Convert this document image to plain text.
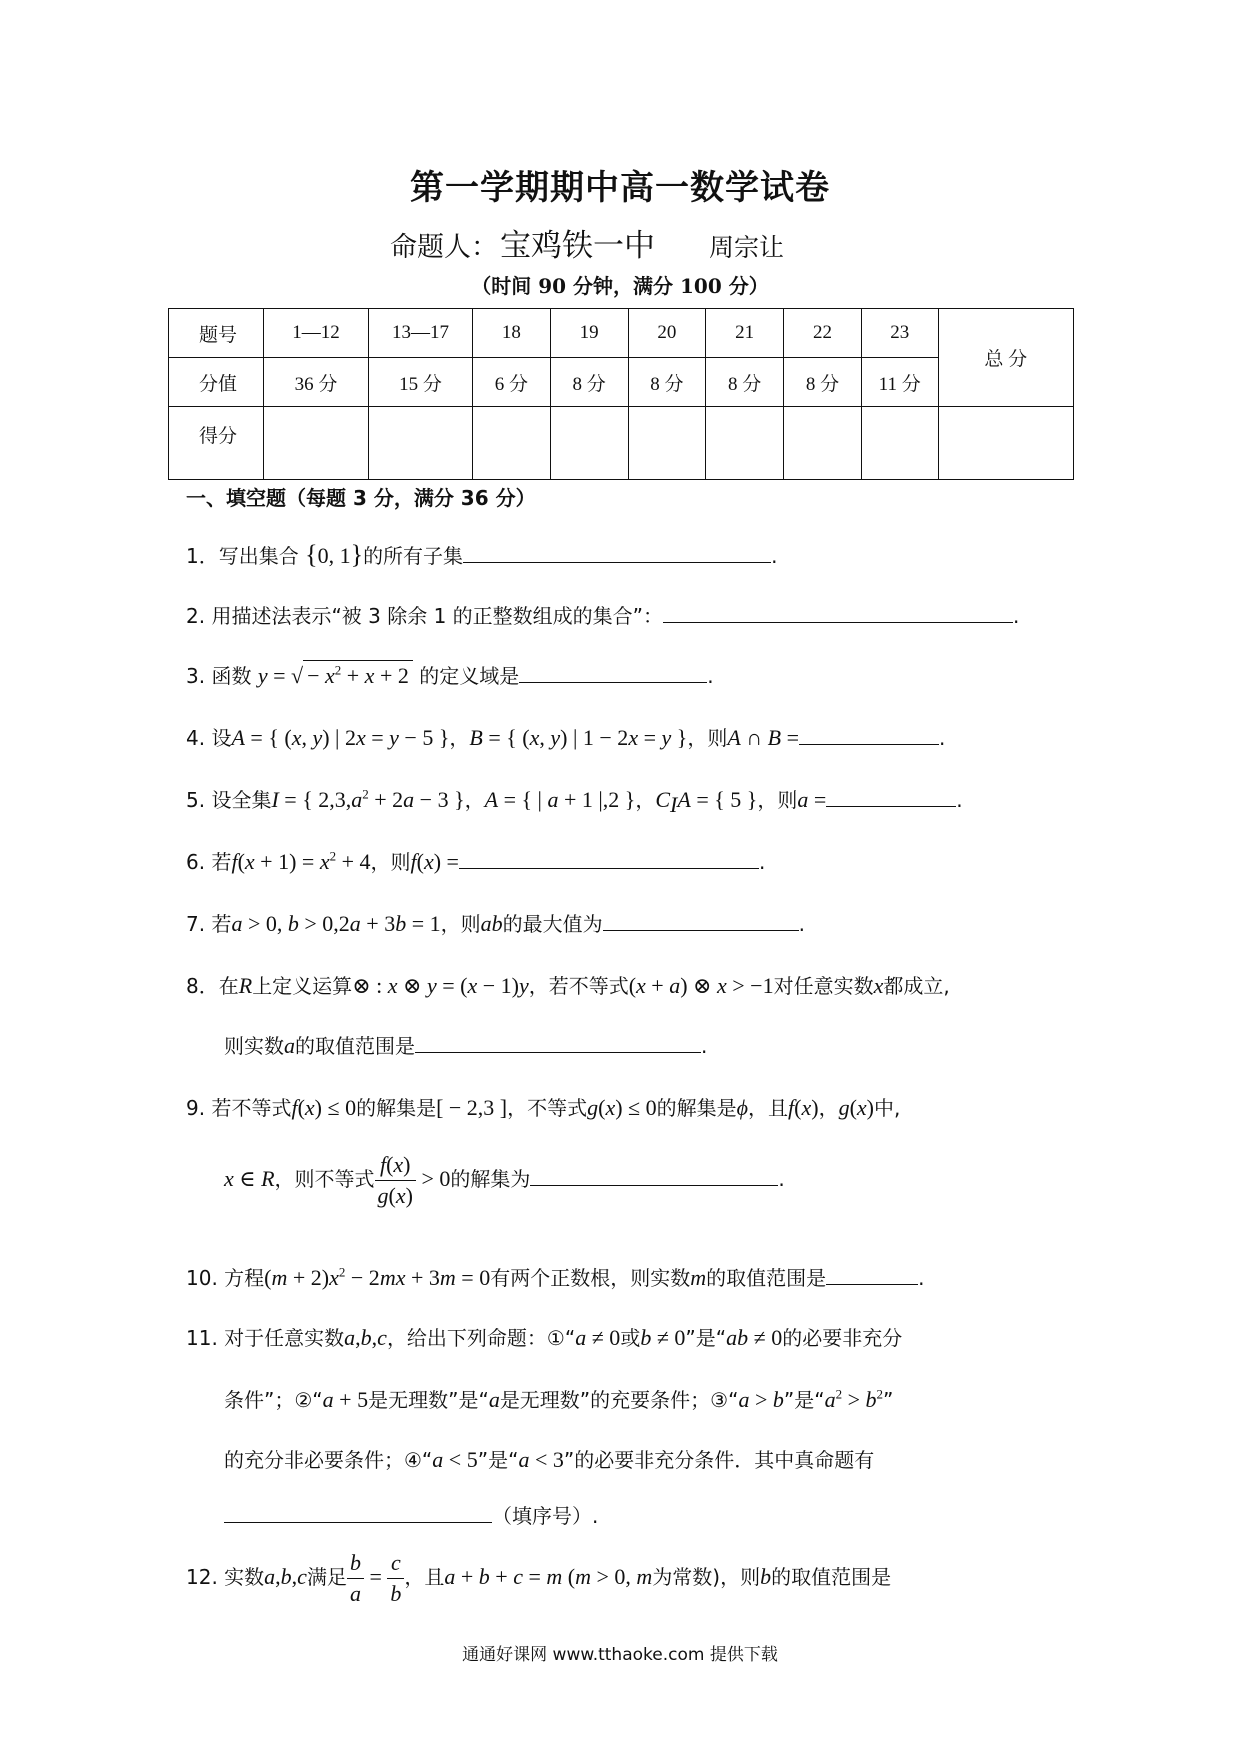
第一学期期中高一数学试卷
命题人：宝鸡铁一中 周宗让
（时间 90 分钟，满分 100 分）
题号	1—12	13—17	18	19	20	21	22	23	总 分
分值	36 分	15 分	6 分	8 分	8 分	8 分	8 分	11 分	
得分									
一、填空题（每题 3 分，满分 36 分）
1．写出集合 {0, 1}的所有子集	.
2. 用描述法表示“被 3 除余 1 的正整数组成的集合”：	.
3. 函数 y = √ − $x^2 + x + 2$ 的定义域是	.
4. 设A = { (x, y) | 2x = y − 5 }，B = { (x, y) | 1 − 2x = y }，则A ∩ B =	.
5. 设全集I = { $2,3,a^2 + 2a - 3$ }，A = { | a + 1 |,2 }，$C_IA$ = { 5 }，则a =	.
6. 若$f(x + 1) = x^2 + 4$，则f(x) =	.
7. 若a > 0, b > 0,2a + 3b = 1，则ab的最大值为	.
8．在R上定义运算⊗ : x ⊗ y = (x − 1)y，若不等式(x + a) ⊗ x > −1对任意实数x都成立,
则实数a的取值范围是	.
9. 若不等式f(x) ≤ 0的解集是[ − 2,3 ]，不等式g(x) ≤ 0的解集是ϕ，且f(x)，g(x)中,
x ∈ R，则不等式 $\frac{f(x)}{g(x)} > 0$的解集为	.
10. 方程$(m + 2)x^2 - 2mx + 3m = 0$有两个正数根，则实数m的取值范围是	.
11. 对于任意实数a,b,c，给出下列命题：①“a ≠ 0或b ≠ 0”是“ab ≠ 0的必要非充分
条件”；②“a + 5是无理数”是“a是无理数”的充要条件；③“a > b”是“$a^2 > b^2$”
的充分非必要条件；④“a < 5”是“a < 3”的必要非充分条件．其中真命题有
（填序号）.
12. 实数a,b,c满足 $\frac{b}{a} = \frac{c}{b}$ ，且a + b + c = m (m > 0, m为常数)，则b的取值范围是
通通好课网 www.tthaoke.com 提供下载
